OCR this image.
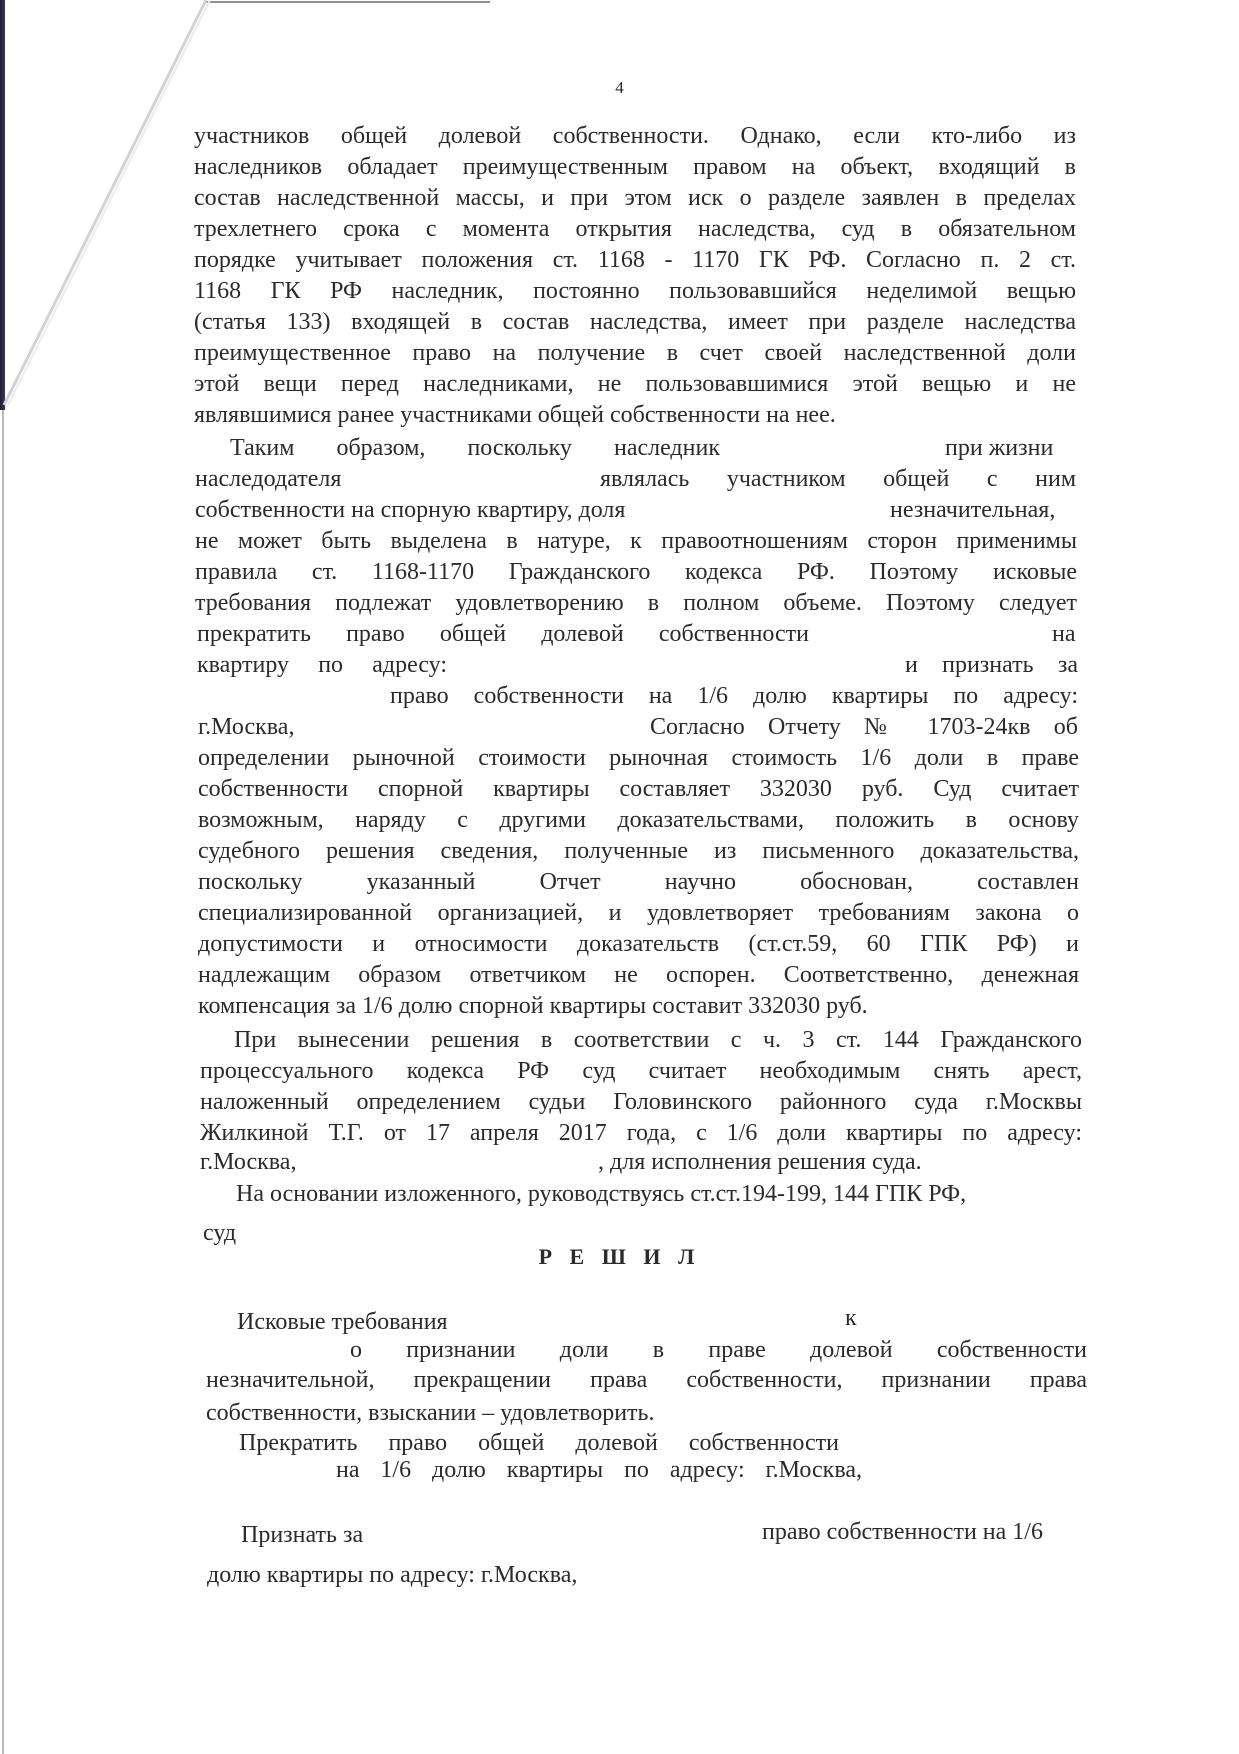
4
участников общей долевой собственности. Однако, если кто-либо из
наследников обладает преимущественным правом на объект, входящий в
состав наследственной массы, и при этом иск о разделе заявлен в пределах
трехлетнего срока с момента открытия наследства, суд в обязательном
порядке учитывает положения ст. 1168 - 1170 ГК РФ. Согласно п. 2 ст.
1168 ГК РФ наследник, постоянно пользовавшийся неделимой вещью
(статья 133) входящей в состав наследства, имеет при разделе наследства
преимущественное право на получение в счет своей наследственной доли
этой вещи перед наследниками, не пользовавшимися этой вещью и не
являвшимися ранее участниками общей собственности на нее.
Таким образом, поскольку наследник	при жизни
наследодателя	являлась участником общей с ним
собственности на спорную квартиру, доля	незначительная,
не может быть выделена в натуре, к правоотношениям сторон применимы
правила ст. 1168-1170 Гражданского кодекса РФ. Поэтому исковые
требования подлежат удовлетворению в полном объеме. Поэтому следует
прекратить право общей долевой собственности	на
квартиру по адресу:	и признать за
право собственности на 1/6 долю квартиры по адресу:
г.Москва,	Согласно Отчету № 1703-24кв об
определении рыночной стоимости рыночная стоимость 1/6 доли в праве
собственности спорной квартиры составляет 332030 руб. Суд считает
возможным, наряду с другими доказательствами, положить в основу
судебного решения сведения, полученные из письменного доказательства,
поскольку указанный Отчет научно обоснован, составлен
специализированной организацией, и удовлетворяет требованиям закона о
допустимости и относимости доказательств (ст.ст.59, 60 ГПК РФ) и
надлежащим образом ответчиком не оспорен. Соответственно, денежная
компенсация за 1/6 долю спорной квартиры составит 332030 руб.
При вынесении решения в соответствии с ч. 3 ст. 144 Гражданского
процессуального кодекса РФ суд считает необходимым снять арест,
наложенный определением судьи Головинского районного суда г.Москвы
Жилкиной Т.Г. от 17 апреля 2017 года, с 1/6 доли квартиры по адресу:
г.Москва,	, для исполнения решения суда.
На основании изложенного, руководствуясь ст.ст.194-199, 144 ГПК РФ,
суд
Р Е Ш И Л
Исковые требования	к
о признании доли в праве долевой собственности
незначительной, прекращении права собственности, признании права
собственности, взыскании – удовлетворить.
Прекратить право общей долевой собственности
на 1/6 долю квартиры по адресу: г.Москва,
Признать за	право собственности на 1/6
долю квартиры по адресу: г.Москва,
